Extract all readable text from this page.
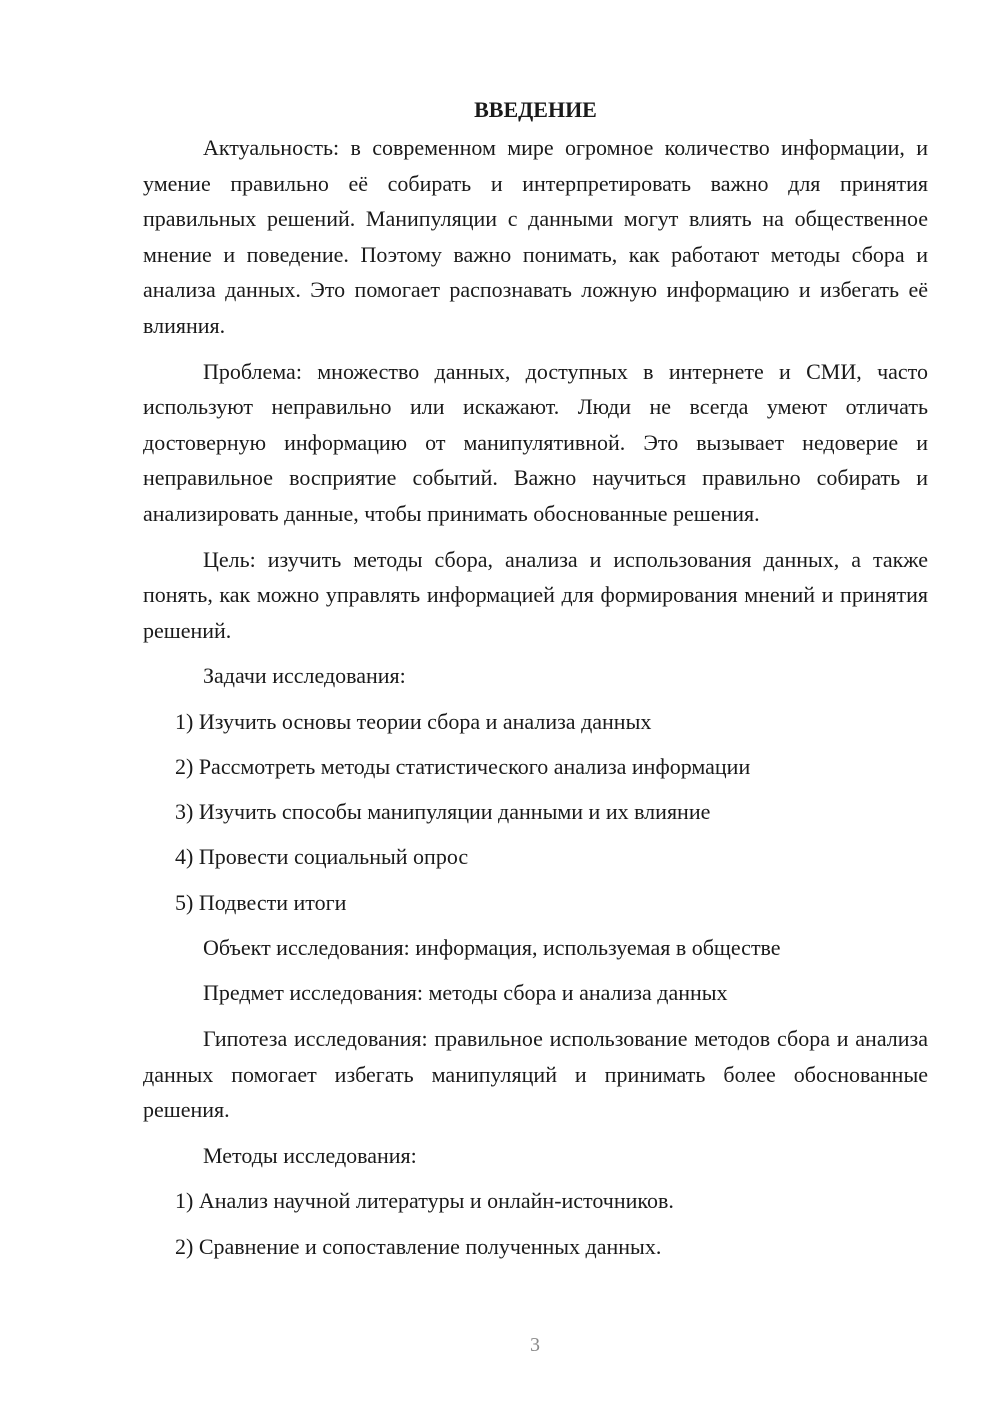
ВВЕДЕНИЕ

Актуальность: в современном мире огромное количество информации, и умение правильно её собирать и интерпретировать важно для принятия правильных решений. Манипуляции с данными могут влиять на общественное мнение и поведение. Поэтому важно понимать, как работают методы сбора и анализа данных. Это помогает распознавать ложную информацию и избегать её влияния.

Проблема: множество данных, доступных в интернете и СМИ, часто используют неправильно или искажают. Люди не всегда умеют отличать достоверную информацию от манипулятивной. Это вызывает недоверие и неправильное восприятие событий. Важно научиться правильно собирать и анализировать данные, чтобы принимать обоснованные решения.

Цель: изучить методы сбора, анализа и использования данных, а также понять, как можно управлять информацией для формирования мнений и принятия решений.

Задачи исследования:

1) Изучить основы теории сбора и анализа данных

2) Рассмотреть методы статистического анализа информации

3) Изучить способы манипуляции данными и их влияние

4) Провести социальный опрос

5) Подвести итоги

Объект исследования: информация, используемая в обществе

Предмет исследования: методы сбора и анализа данных

Гипотеза исследования: правильное использование методов сбора и анализа данных помогает избегать манипуляций и принимать более обоснованные решения.

Методы исследования:

1) Анализ научной литературы и онлайн-источников.

2) Сравнение и сопоставление полученных данных.

3
